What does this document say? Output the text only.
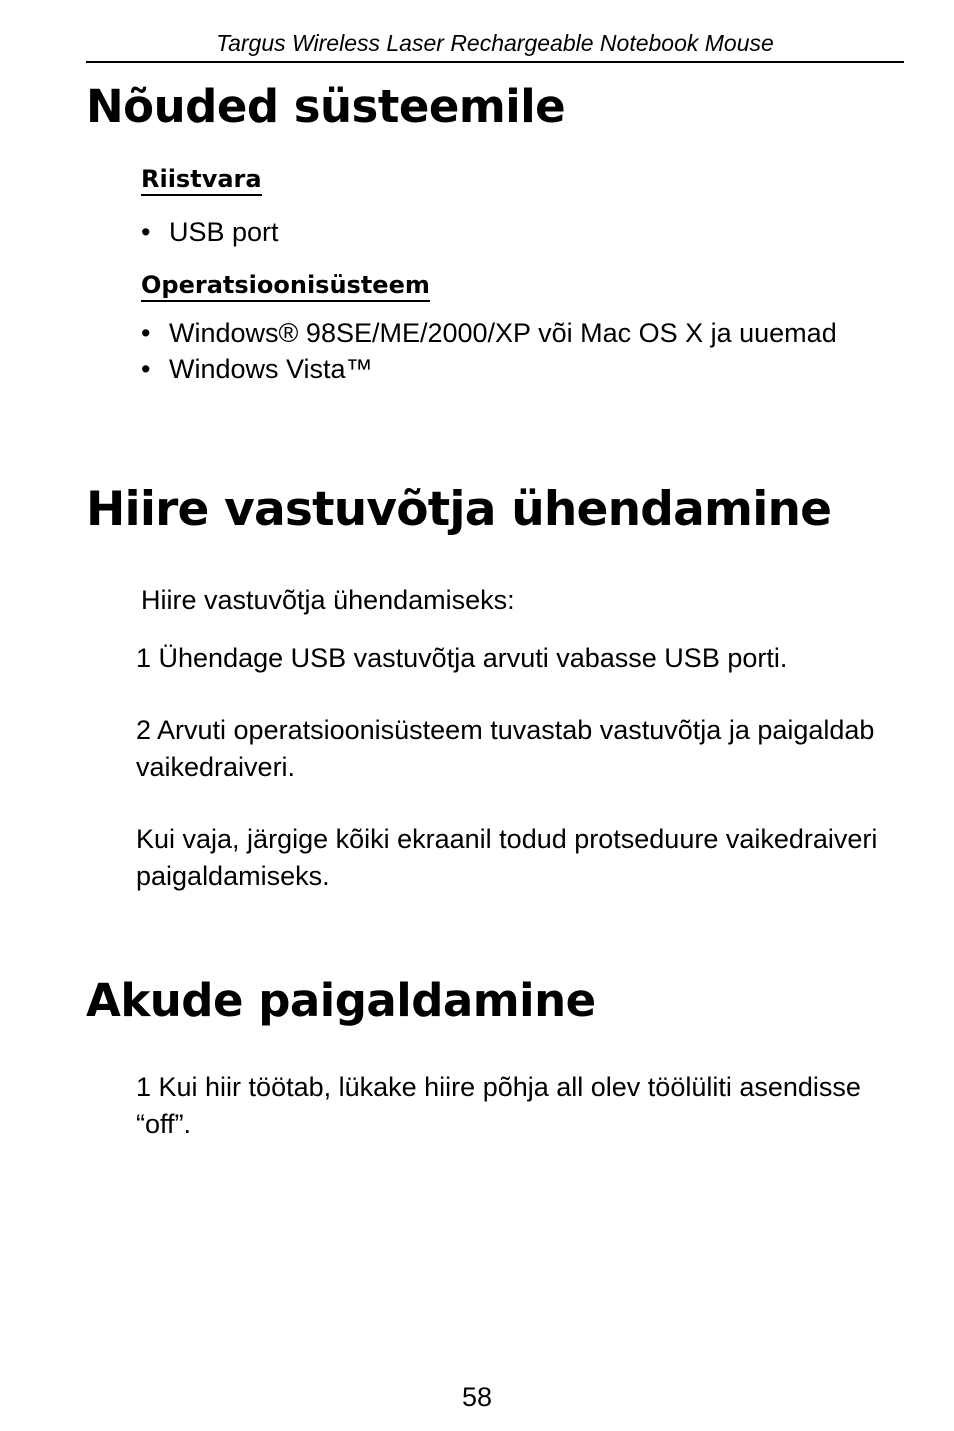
Targus Wireless Laser Rechargeable Notebook Mouse
Nõuded süsteemile
Riistvara
• USB port
Operatsioonisüsteem
• Windows® 98SE/ME/2000/XP või Mac OS X ja uuemad
• Windows Vista™
Hiire vastuvõtja ühendamine

Hiire vastuvõtja ühendamiseks:

1 Ühendage USB vastuvõtja arvuti vabasse USB porti.

2 Arvuti operatsioonisüsteem tuvastab vastuvõtja ja paigaldab vaikedraiveri.

Kui vaja, järgige kõiki ekraanil todud protseduure vaikedraiveri paigaldamiseks.

Akude paigaldamine

1 Kui hiir töötab, lükake hiire põhja all olev töölüliti asendisse “off”.

58
